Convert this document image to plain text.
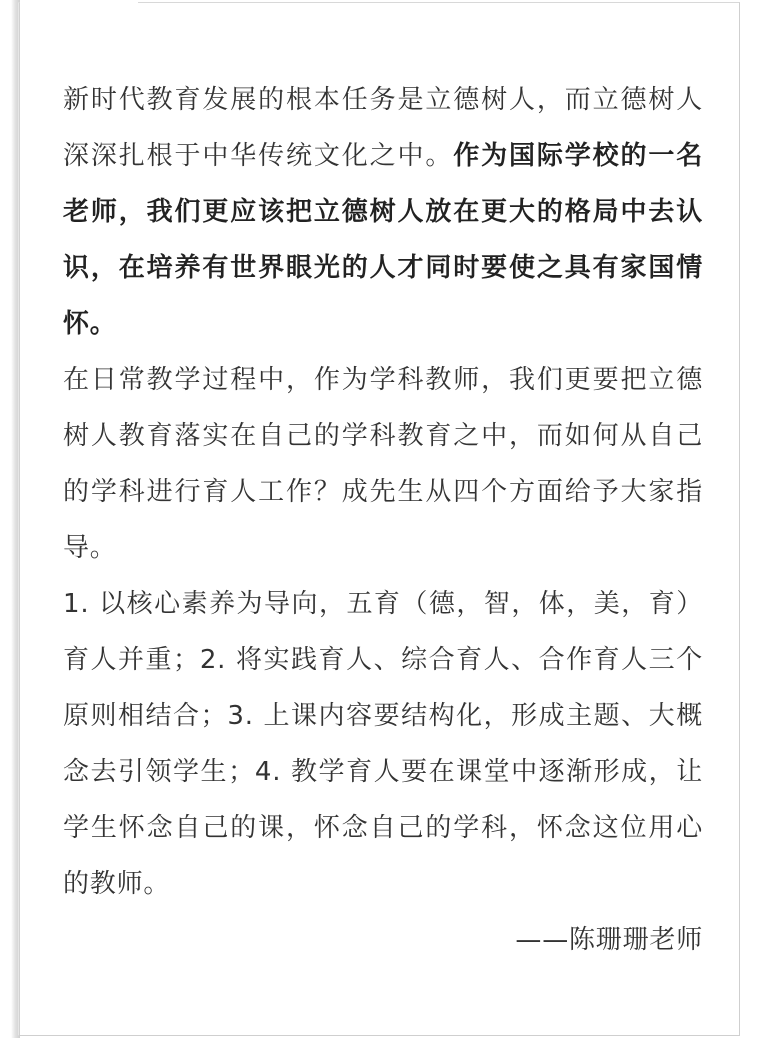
新时代教育发展的根本任务是立德树人，而立德树人深深扎根于中华传统文化之中。作为国际学校的一名老师，我们更应该把立德树人放在更大的格局中去认识，在培养有世界眼光的人才同时要使之具有家国情怀。

在日常教学过程中，作为学科教师，我们更要把立德树人教育落实在自己的学科教育之中，而如何从自己的学科进行育人工作？成先生从四个方面给予大家指导。

1. 以核心素养为导向，五育（德，智，体，美，育）育人并重；2. 将实践育人、综合育人、合作育人三个原则相结合；3. 上课内容要结构化，形成主题、大概念去引领学生；4. 教学育人要在课堂中逐渐形成，让学生怀念自己的课，怀念自己的学科，怀念这位用心的教师。

——陈珊珊老师
